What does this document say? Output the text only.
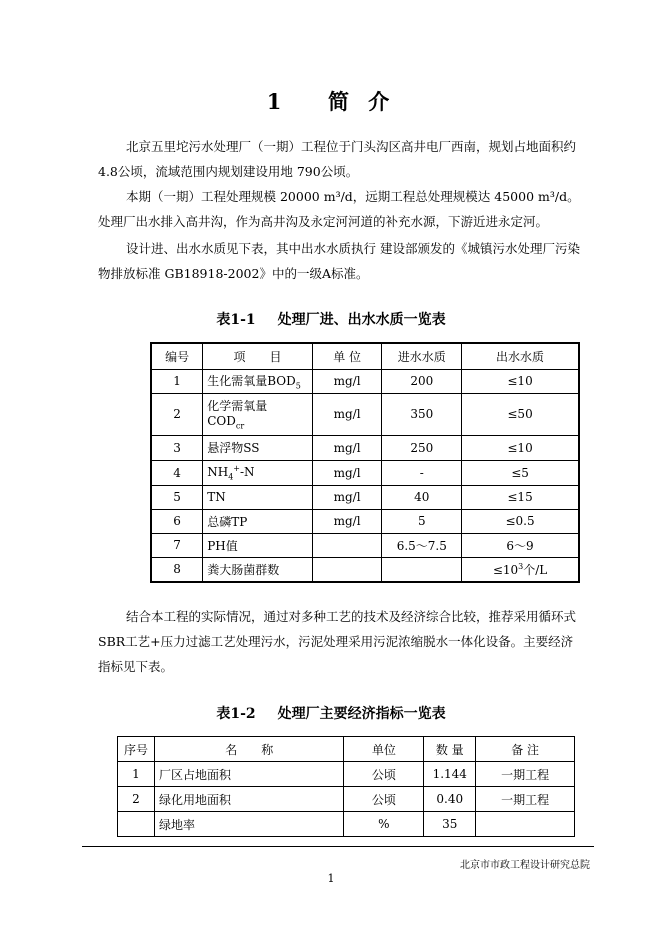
1 简 介

北京五里坨污水处理厂（一期）工程位于门头沟区高井电厂西南，规划占地面积约4.8公顷，流域范围内规划建设用地 790公顷。

本期（一期）工程处理规模 20000 m³/d，远期工程总处理规模达 45000 m³/d。处理厂出水排入高井沟，作为高井沟及永定河河道的补充水源，下游近进永定河。

设计进、出水水质见下表，其中出水水质执行 建设部颁发的《城镇污水处理厂污染物排放标准 GB18918-2002》中的一级A标准。

表1-1 处理厂进、出水水质一览表
编号	项　　目	单 位	进水水质	出水水质
1	生化需氧量$BOD_5$	mg/l	200	≤10
2	化学需氧量
$COD_{cr}$	mg/l	350	≤50
3	悬浮物SS	mg/l	250	≤10
4	$NH_4^+-N$	mg/l	-	≤5
5	TN	mg/l	40	≤15
6	总磷TP	mg/l	5	≤0.5
7	PH值		6.5～7.5	6～9
8	粪大肠菌群数			$\le 10^3$个/L

结合本工程的实际情况，通过对多种工艺的技术及经济综合比较，推荐采用循环式SBR工艺+压力过滤工艺处理污水，污泥处理采用污泥浓缩脱水一体化设备。主要经济指标见下表。

表1-2 处理厂主要经济指标一览表
序号	名　　称	单位	数 量	备 注
1	厂区占地面积	公顷	1.144	一期工程
2	绿化用地面积	公顷	0.40	一期工程
	绿地率	%	35	
北京市市政工程设计研究总院
1
